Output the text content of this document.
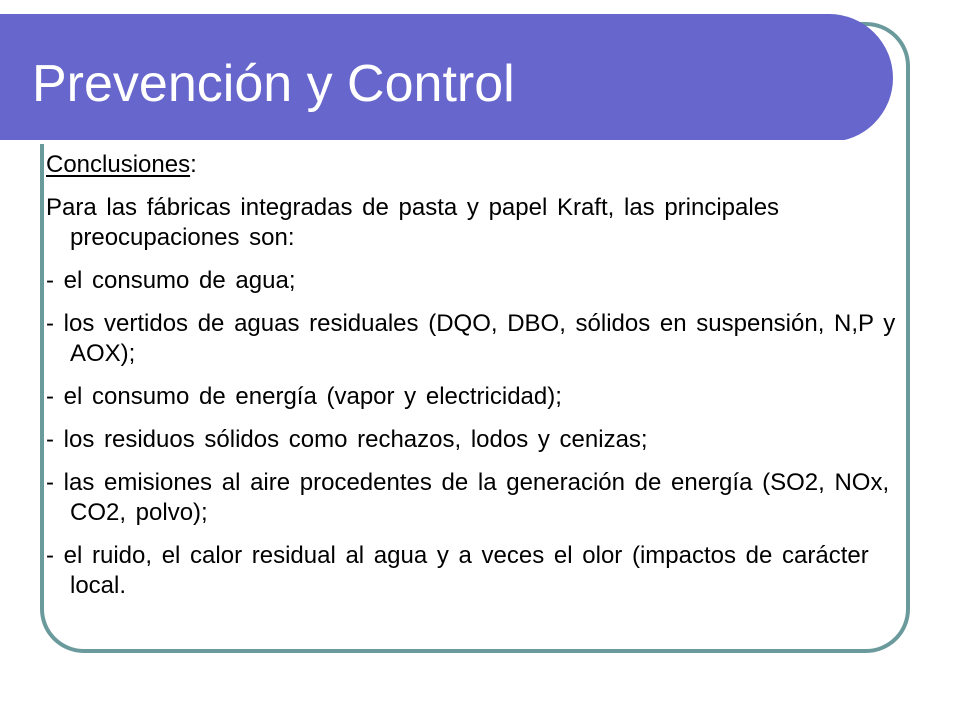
Prevención y Control

Conclusiones:

Para las fábricas integradas de pasta y papel Kraft, las principales preocupaciones son:

- el consumo de agua;

- los vertidos de aguas residuales (DQO, DBO, sólidos en suspensión, N,P y AOX);

- el consumo de energía (vapor y electricidad);

- los residuos sólidos como rechazos, lodos y cenizas;

- las emisiones al aire procedentes de la generación de energía (SO2, NOx, CO2, polvo);

- el ruido, el calor residual al agua y a veces el olor (impactos de carácter local.
